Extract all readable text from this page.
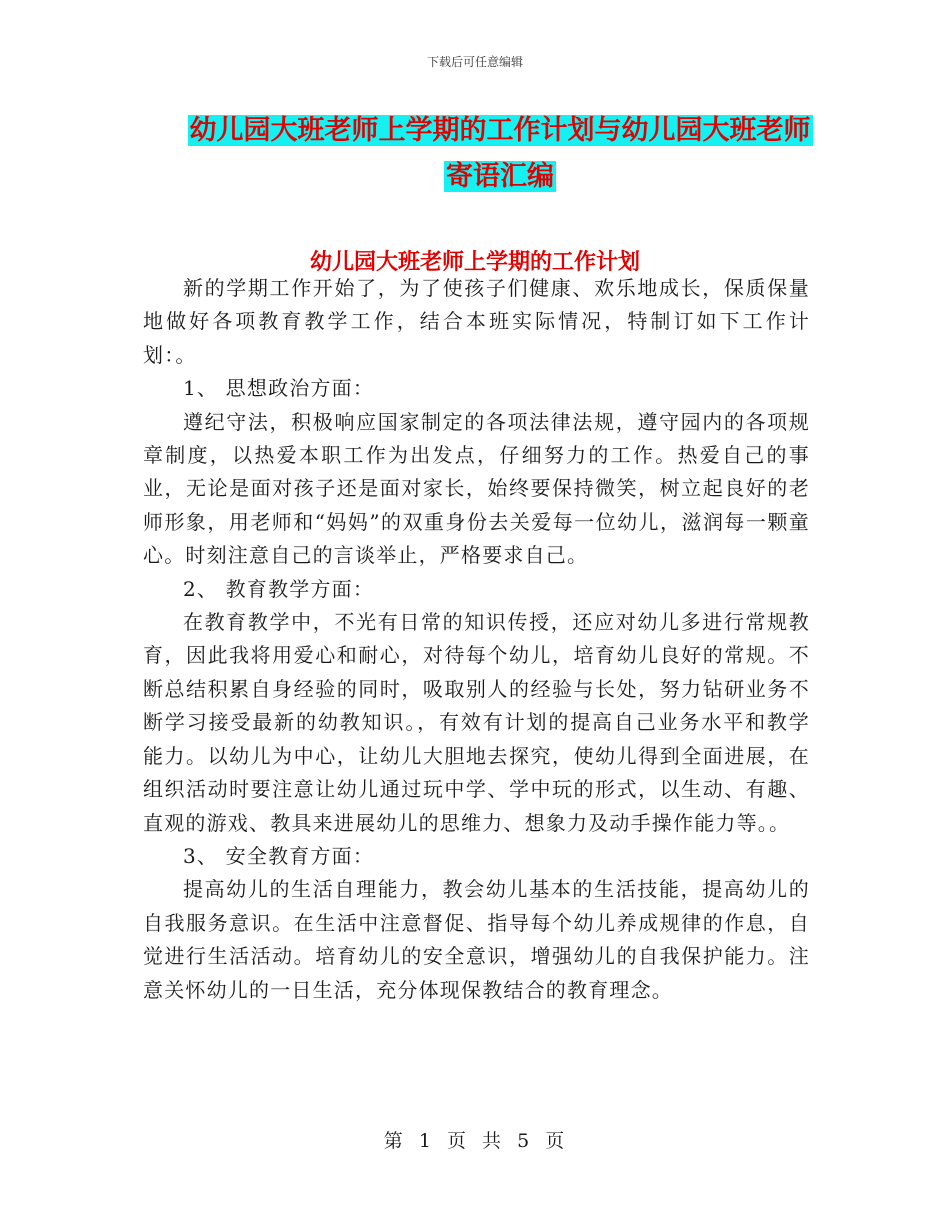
下载后可任意编辑
幼儿园大班老师上学期的工作计划与幼儿园大班老师
寄语汇编
幼儿园大班老师上学期的工作计划

新的学期工作开始了，为了使孩子们健康、欢乐地成长，保质保量地做好各项教育教学工作，结合本班实际情况，特制订如下工作计划：。

1、 思想政治方面：

遵纪守法，积极响应国家制定的各项法律法规，遵守园内的各项规章制度，以热爱本职工作为出发点，仔细努力的工作。热爱自己的事业，无论是面对孩子还是面对家长，始终要保持微笑，树立起良好的老师形象，用老师和“妈妈”的双重身份去关爱每一位幼儿，滋润每一颗童心。时刻注意自己的言谈举止，严格要求自己。

2、 教育教学方面：

在教育教学中，不光有日常的知识传授，还应对幼儿多进行常规教育，因此我将用爱心和耐心，对待每个幼儿，培育幼儿良好的常规。不断总结积累自身经验的同时，吸取别人的经验与长处，努力钻研业务不断学习接受最新的幼教知识。，有效有计划的提高自己业务水平和教学能力。以幼儿为中心，让幼儿大胆地去探究，使幼儿得到全面进展，在组织活动时要注意让幼儿通过玩中学、学中玩的形式，以生动、有趣、直观的游戏、教具来进展幼儿的思维力、想象力及动手操作能力等。。

3、 安全教育方面：

提高幼儿的生活自理能力，教会幼儿基本的生活技能，提高幼儿的自我服务意识。在生活中注意督促、指导每个幼儿养成规律的作息，自觉进行生活活动。培育幼儿的安全意识，增强幼儿的自我保护能力。注意关怀幼儿的一日生活，充分体现保教结合的教育理念。

第 1 页 共 5 页
